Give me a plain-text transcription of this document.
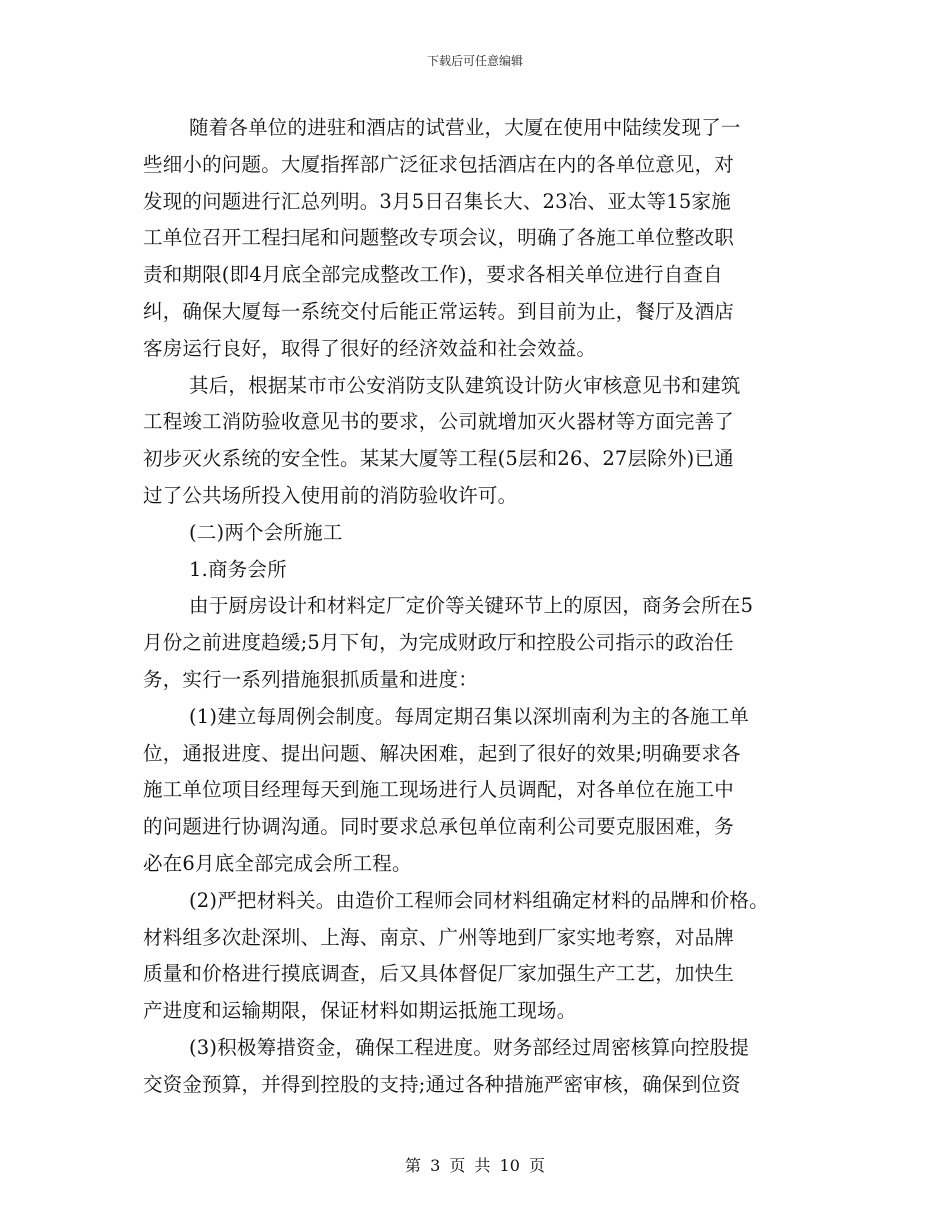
下载后可任意编辑
随着各单位的进驻和酒店的试营业，大厦在使用中陆续发现了一
些细小的问题。大厦指挥部广泛征求包括酒店在内的各单位意见，对
发现的问题进行汇总列明。3月5日召集长大、23冶、亚太等15家施
工单位召开工程扫尾和问题整改专项会议，明确了各施工单位整改职
责和期限(即4月底全部完成整改工作)，要求各相关单位进行自查自
纠，确保大厦每一系统交付后能正常运转。到目前为止，餐厅及酒店
客房运行良好，取得了很好的经济效益和社会效益。
其后，根据某市市公安消防支队建筑设计防火审核意见书和建筑
工程竣工消防验收意见书的要求，公司就增加灭火器材等方面完善了
初步灭火系统的安全性。某某大厦等工程(5层和26、27层除外)已通
过了公共场所投入使用前的消防验收许可。
(二)两个会所施工
1.商务会所
由于厨房设计和材料定厂定价等关键环节上的原因，商务会所在5
月份之前进度趋缓;5月下旬，为完成财政厅和控股公司指示的政治任
务，实行一系列措施狠抓质量和进度：
(1)建立每周例会制度。每周定期召集以深圳南利为主的各施工单
位，通报进度、提出问题、解决困难，起到了很好的效果;明确要求各
施工单位项目经理每天到施工现场进行人员调配，对各单位在施工中
的问题进行协调沟通。同时要求总承包单位南利公司要克服困难，务
必在6月底全部完成会所工程。
(2)严把材料关。由造价工程师会同材料组确定材料的品牌和价格。
材料组多次赴深圳、上海、南京、广州等地到厂家实地考察，对品牌
质量和价格进行摸底调查，后又具体督促厂家加强生产工艺，加快生
产进度和运输期限，保证材料如期运抵施工现场。
(3)积极筹措资金，确保工程进度。财务部经过周密核算向控股提
交资金预算，并得到控股的支持;通过各种措施严密审核，确保到位资
第 3 页 共 10 页
